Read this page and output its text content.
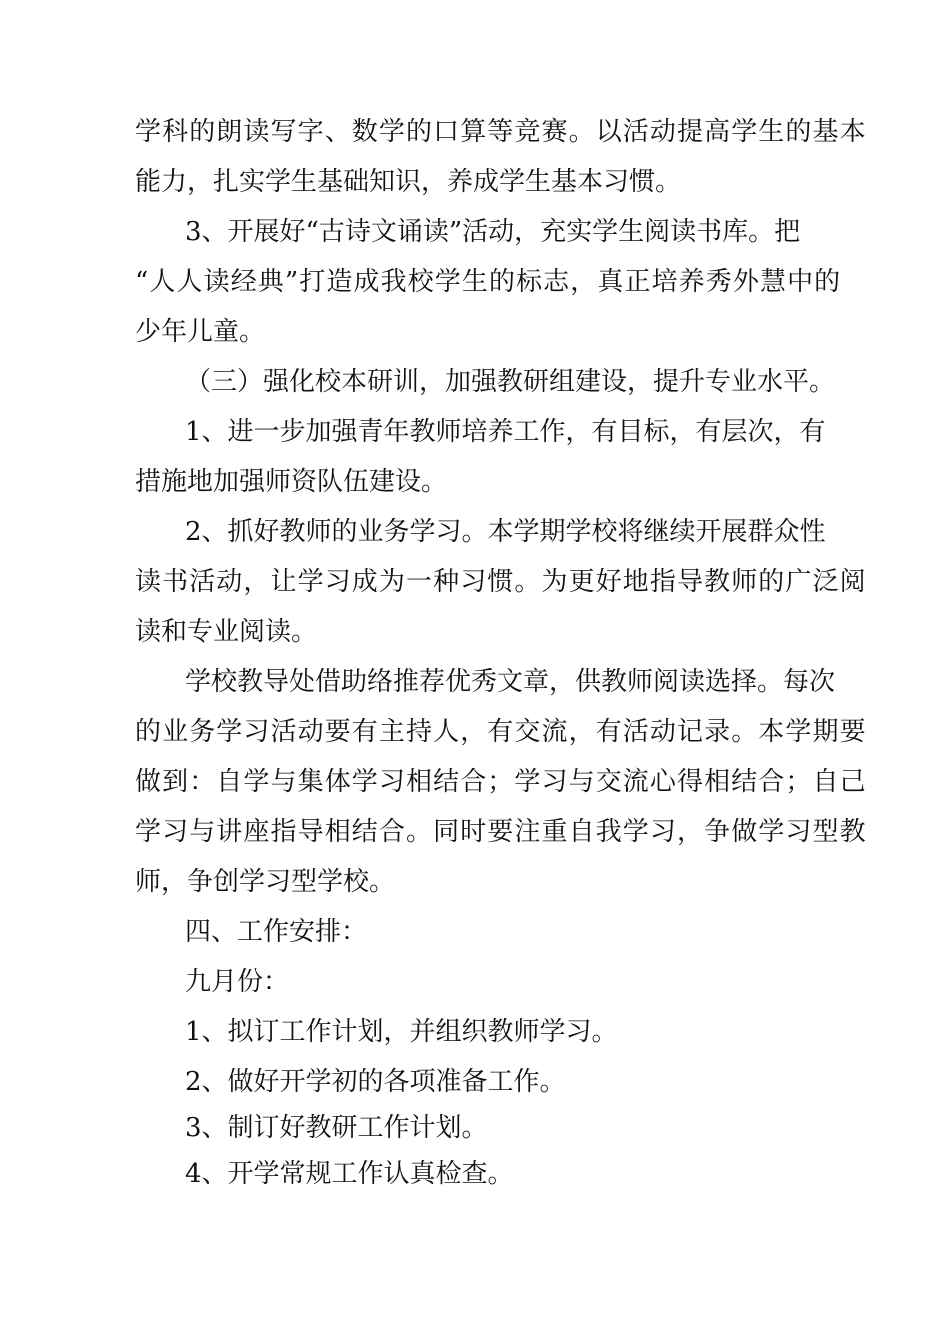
学科的朗读写字、数学的口算等竞赛。以活动提高学生的基本
能力，扎实学生基础知识，养成学生基本习惯。
3、开展好“古诗文诵读”活动，充实学生阅读书库。把
“人人读经典”打造成我校学生的标志，真正培养秀外慧中的
少年儿童。
（三）强化校本研训，加强教研组建设，提升专业水平。
1、进一步加强青年教师培养工作，有目标，有层次，有
措施地加强师资队伍建设。
2、抓好教师的业务学习。本学期学校将继续开展群众性
读书活动，让学习成为一种习惯。为更好地指导教师的广泛阅
读和专业阅读。
学校教导处借助络推荐优秀文章，供教师阅读选择。每次
的业务学习活动要有主持人，有交流，有活动记录。本学期要
做到：自学与集体学习相结合；学习与交流心得相结合；自己
学习与讲座指导相结合。同时要注重自我学习，争做学习型教
师，争创学习型学校。
四、工作安排：
九月份：
1、拟订工作计划，并组织教师学习。
2、做好开学初的各项准备工作。
3、制订好教研工作计划。
4、开学常规工作认真检查。
